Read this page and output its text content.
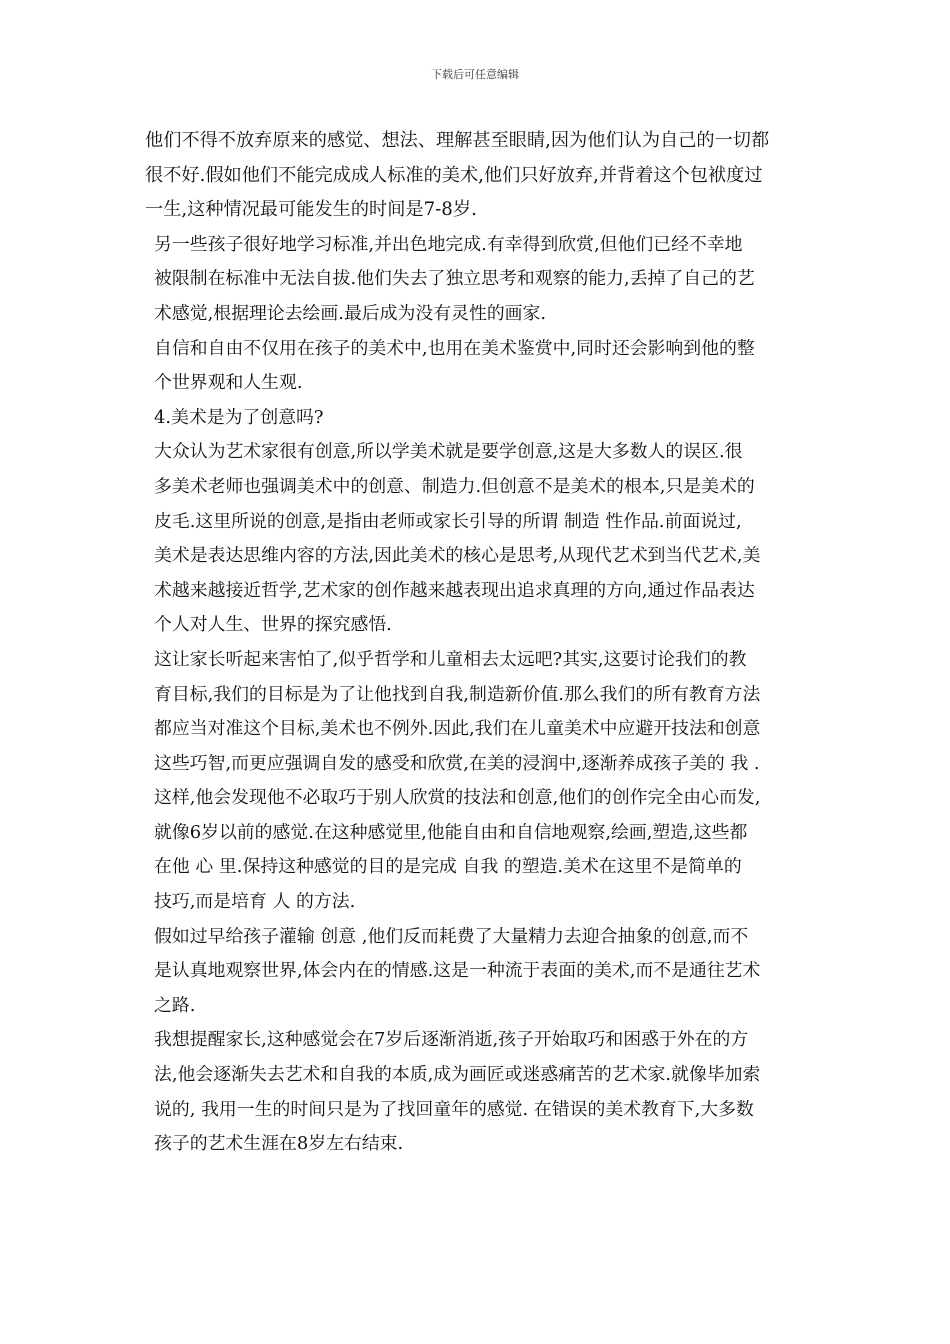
下载后可任意编辑

他们不得不放弃原来的感觉、想法、理解甚至眼睛,因为他们认为自己的一切都
很不好.假如他们不能完成成人标准的美术,他们只好放弃,并背着这个包袱度过
一生,这种情况最可能发生的时间是7-8岁.

另一些孩子很好地学习标准,并出色地完成.有幸得到欣赏,但他们已经不幸地
被限制在标准中无法自拔.他们失去了独立思考和观察的能力,丢掉了自己的艺
术感觉,根据理论去绘画.最后成为没有灵性的画家.

自信和自由不仅用在孩子的美术中,也用在美术鉴赏中,同时还会影响到他的整
个世界观和人生观.

4.美术是为了创意吗?

大众认为艺术家很有创意,所以学美术就是要学创意,这是大多数人的误区.很
多美术老师也强调美术中的创意、制造力.但创意不是美术的根本,只是美术的
皮毛.这里所说的创意,是指由老师或家长引导的所谓 制造 性作品.前面说过,
美术是表达思维内容的方法,因此美术的核心是思考,从现代艺术到当代艺术,美
术越来越接近哲学,艺术家的创作越来越表现出追求真理的方向,通过作品表达
个人对人生、世界的探究感悟.

这让家长听起来害怕了,似乎哲学和儿童相去太远吧?其实,这要讨论我们的教
育目标,我们的目标是为了让他找到自我,制造新价值.那么我们的所有教育方法
都应当对准这个目标,美术也不例外.因此,我们在儿童美术中应避开技法和创意
这些巧智,而更应强调自发的感受和欣赏,在美的浸润中,逐渐养成孩子美的 我 .
这样,他会发现他不必取巧于别人欣赏的技法和创意,他们的创作完全由心而发,
就像6岁以前的感觉.在这种感觉里,他能自由和自信地观察,绘画,塑造,这些都
在他 心 里.保持这种感觉的目的是完成 自我 的塑造.美术在这里不是简单的
技巧,而是培育 人 的方法.

假如过早给孩子灌输 创意 ,他们反而耗费了大量精力去迎合抽象的创意,而不
是认真地观察世界,体会内在的情感.这是一种流于表面的美术,而不是通往艺术
之路.

我想提醒家长,这种感觉会在7岁后逐渐消逝,孩子开始取巧和困惑于外在的方
法,他会逐渐失去艺术和自我的本质,成为画匠或迷惑痛苦的艺术家.就像毕加索
说的, 我用一生的时间只是为了找回童年的感觉. 在错误的美术教育下,大多数
孩子的艺术生涯在8岁左右结束.
